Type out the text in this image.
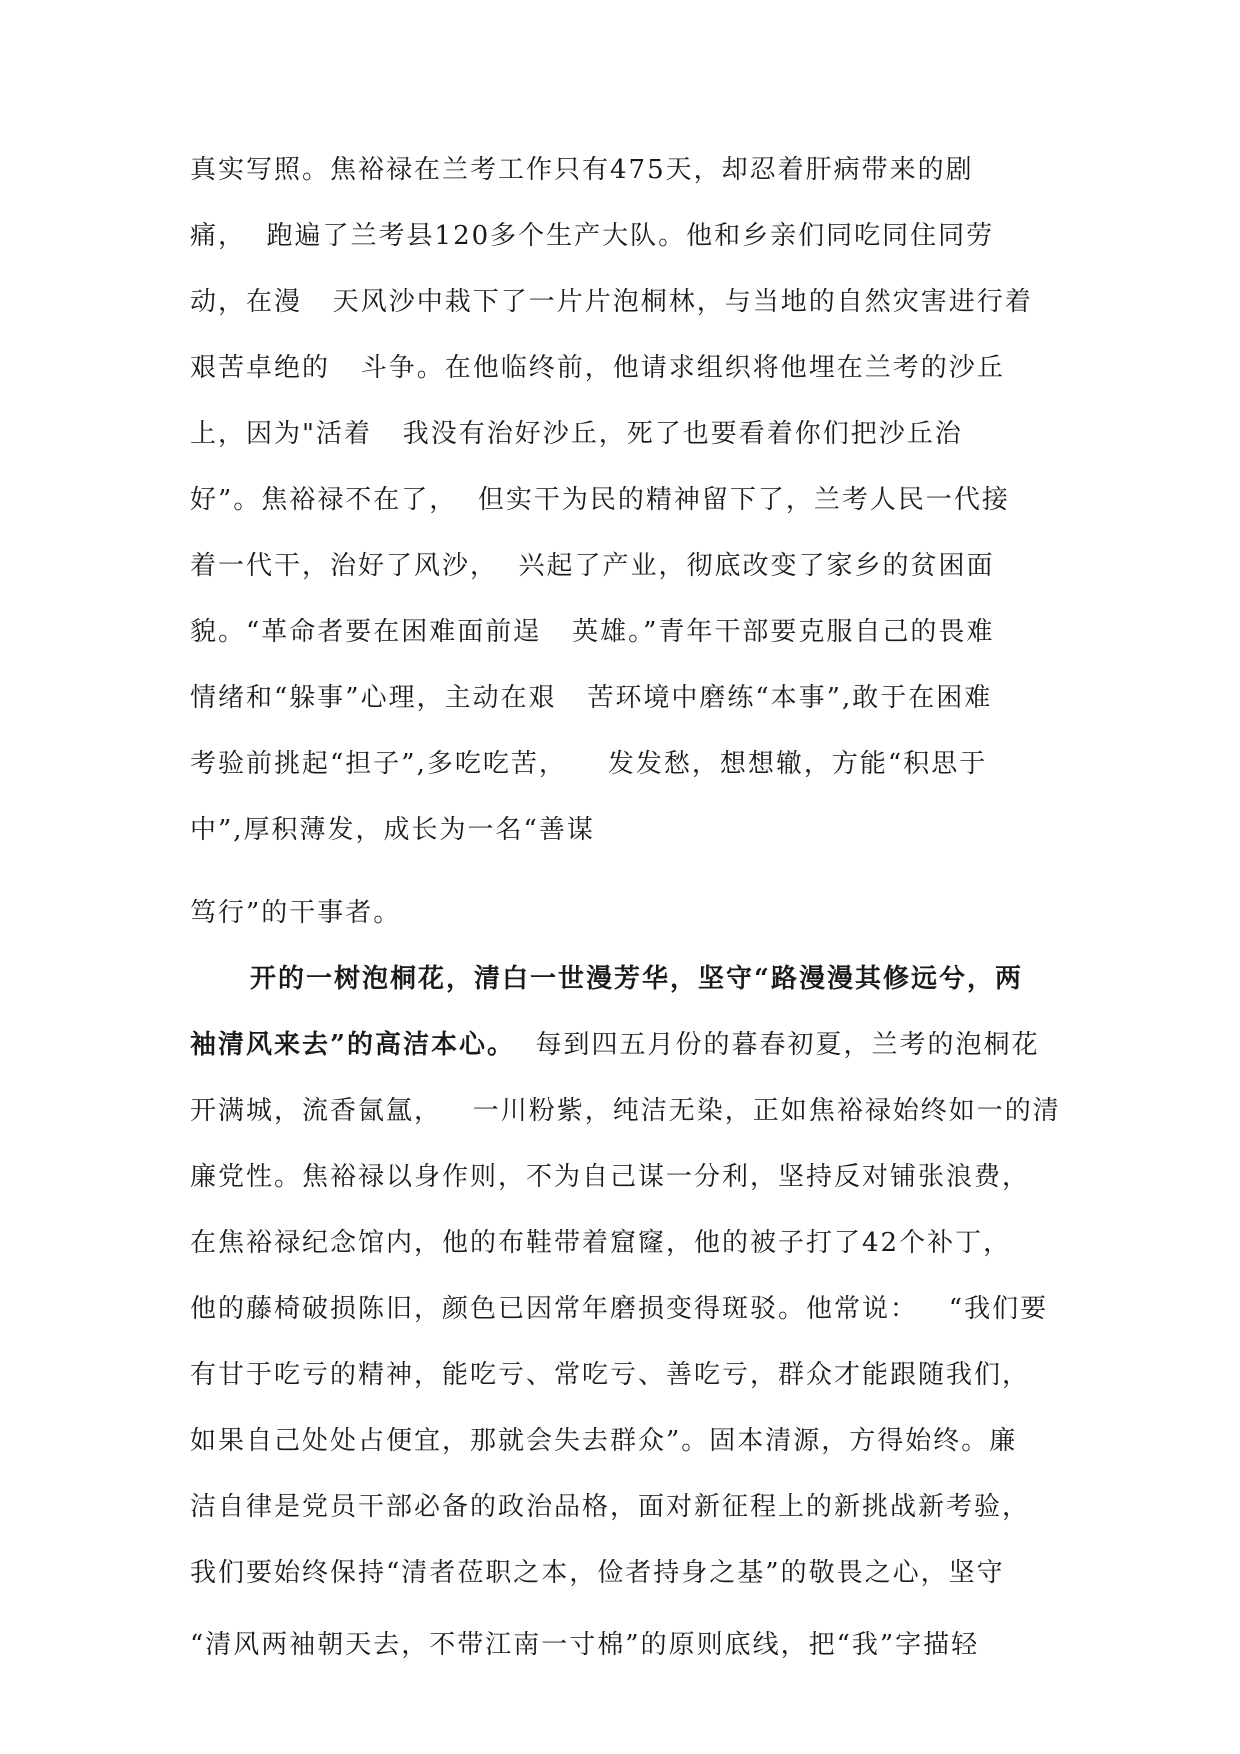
真实写照。焦裕禄在兰考工作只有475天，却忍着肝病带来的剧
痛，  跑遍了兰考县120多个生产大队。他和乡亲们同吃同住同劳
动，在漫   天风沙中栽下了一片片泡桐林，与当地的自然灾害进行着
艰苦卓绝的   斗争。在他临终前，他请求组织将他埋在兰考的沙丘
上，因为"活着   我没有治好沙丘，死了也要看着你们把沙丘治
好”。焦裕禄不在了，  但实干为民的精神留下了，兰考人民一代接
着一代干，治好了风沙，  兴起了产业，彻底改变了家乡的贫困面
貌。“革命者要在困难面前逞   英雄。”青年干部要克服自己的畏难
情绪和“躲事”心理，主动在艰   苦环境中磨练“本事”,敢于在困难
考验前挑起“担子”,多吃吃苦，    发发愁，想想辙，方能“积思于
中”,厚积薄发，成长为一名“善谋
笃行”的干事者。
开的一树泡桐花，清白一世漫芳华，坚守“路漫漫其修远兮，两
袖清风来去”的高洁本心。  每到四五月份的暮春初夏，兰考的泡桐花
开满城，流香氤氲，   一川粉紫，纯洁无染，正如焦裕禄始终如一的清
廉党性。焦裕禄以身作则，不为自己谋一分利，坚持反对铺张浪费，
在焦裕禄纪念馆内，他的布鞋带着窟窿，他的被子打了42个补丁，
他的藤椅破损陈旧，颜色已因常年磨损变得斑驳。他常说：   “我们要
有甘于吃亏的精神，能吃亏、常吃亏、善吃亏，群众才能跟随我们，
如果自己处处占便宜，那就会失去群众”。固本清源，方得始终。廉
洁自律是党员干部必备的政治品格，面对新征程上的新挑战新考验，
我们要始终保持“清者莅职之本，俭者持身之基”的敬畏之心，坚守
“清风两袖朝天去，不带江南一寸棉”的原则底线，把“我”字描轻
